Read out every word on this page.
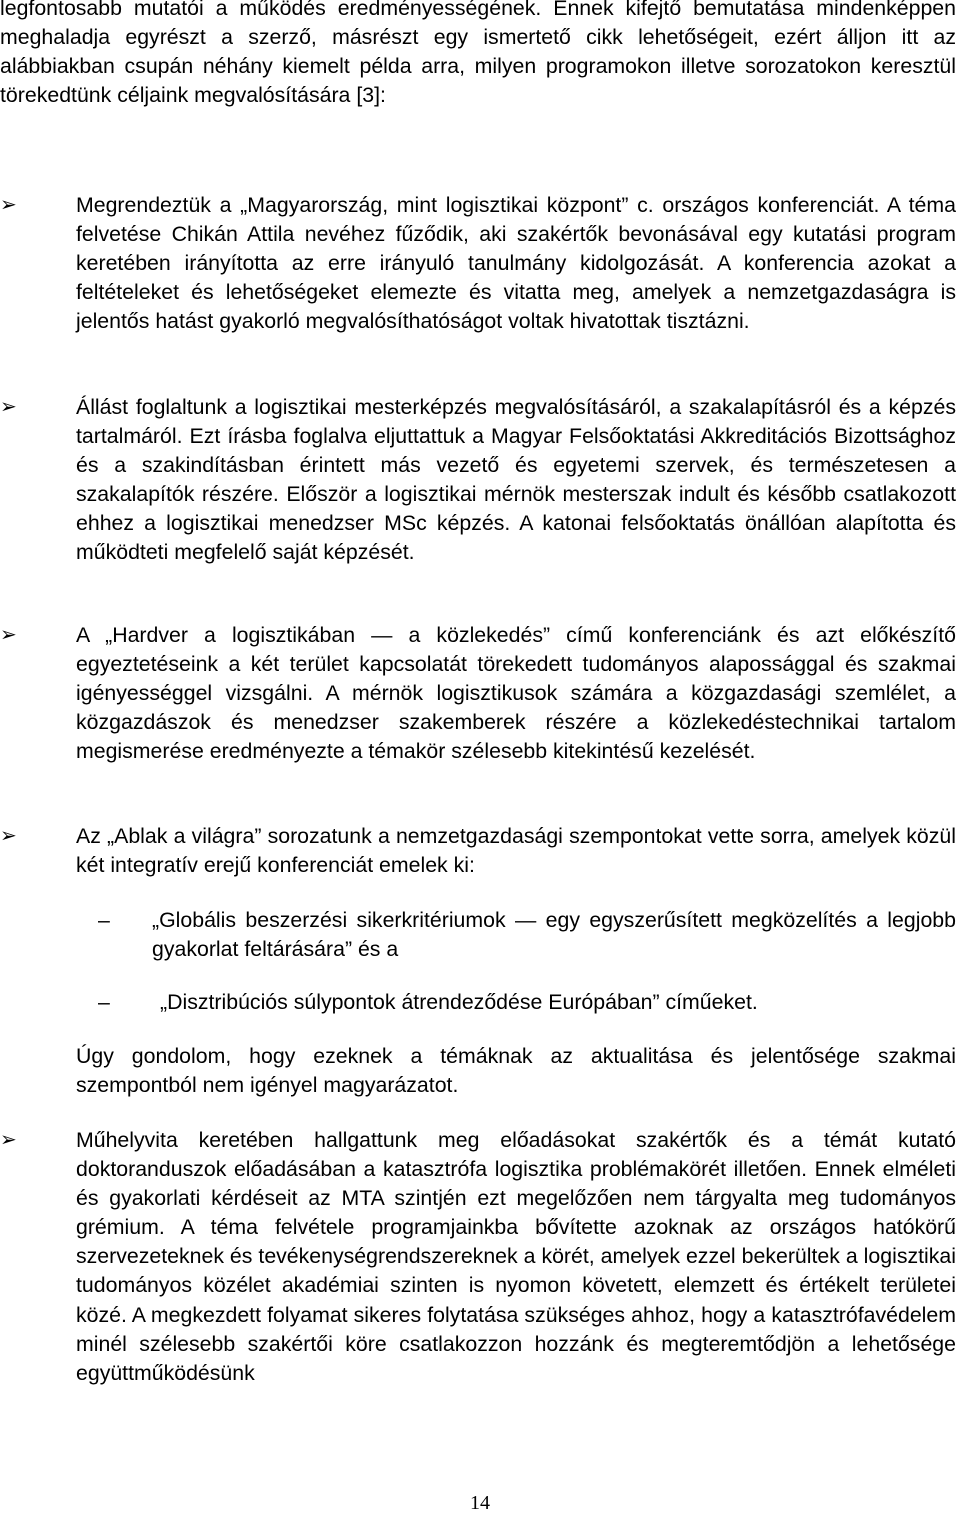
legfontosabb mutatói a működés eredményességének. Ennek kifejtő bemutatása mindenképpen meghaladja egyrészt a szerző, másrészt egy ismertető cikk lehetőségeit, ezért álljon itt az alábbiakban csupán néhány kiemelt példa arra, milyen programokon illetve sorozatokon keresztül törekedtünk céljaink megvalósítására [3]:

➢	Megrendeztük a „Magyarország, mint logisztikai központ” c. országos konferenciát. A téma felvetése Chikán Attila nevéhez fűződik, aki szakértők bevonásával egy kutatási program keretében irányította az erre irányuló tanulmány kidolgozását. A konferencia azokat a feltételeket és lehetőségeket elemezte és vitatta meg, amelyek a nemzetgazdaságra is jelentős hatást gyakorló megvalósíthatóságot voltak hivatottak tisztázni.

➢	Állást foglaltunk a logisztikai mesterképzés megvalósításáról, a szakalapításról és a képzés tartalmáról. Ezt írásba foglalva eljuttattuk a Magyar Felsőoktatási Akkreditációs Bizottsághoz és a szakindításban érintett más vezető és egyetemi szervek, és természetesen a szakalapítók részére. Először a logisztikai mérnök mesterszak indult és később csatlakozott ehhez a logisztikai menedzser MSc képzés. A katonai felsőoktatás önállóan alapította és működteti megfelelő saját képzését.

➢	A „Hardver a logisztikában — a közlekedés” című konferenciánk és azt előkészítő egyeztetéseink a két terület kapcsolatát törekedett tudományos alapossággal és szakmai igényességgel vizsgálni. A mérnök logisztikusok számára a közgazdasági szemlélet, a közgazdászok és menedzser szakemberek részére a közlekedéstechnikai tartalom megismerése eredményezte a témakör szélesebb kitekintésű kezelését.

➢	Az „Ablak a világra” sorozatunk a nemzetgazdasági szempontokat vette sorra, amelyek közül két integratív erejű konferenciát emelek ki:

–	„Globális beszerzési sikerkritériumok — egy egyszerűsített megközelítés a legjobb gyakorlat feltárására” és a

–	„Disztribúciós súlypontok átrendeződése Európában” címűeket.

Úgy gondolom, hogy ezeknek a témáknak az aktualitása és jelentősége szakmai szempontból nem igényel magyarázatot.

➢	Műhelyvita keretében hallgattunk meg előadásokat szakértők és a témát kutató doktoranduszok előadásában a katasztrófa logisztika problémakörét illetően. Ennek elméleti és gyakorlati kérdéseit az MTA szintjén ezt megelőzően nem tárgyalta meg tudományos grémium. A téma felvétele programjainkba bővítette azoknak az országos hatókörű szervezeteknek és tevékenységrendszereknek a körét, amelyek ezzel bekerültek a logisztikai tudományos közélet akadémiai szinten is nyomon követett, elemzett és értékelt területei közé. A megkezdett folyamat sikeres folytatása szükséges ahhoz, hogy a katasztrófavédelem minél szélesebb szakértői köre csatlakozzon hozzánk és megteremtődjön a lehetősége együttműködésünk

14
